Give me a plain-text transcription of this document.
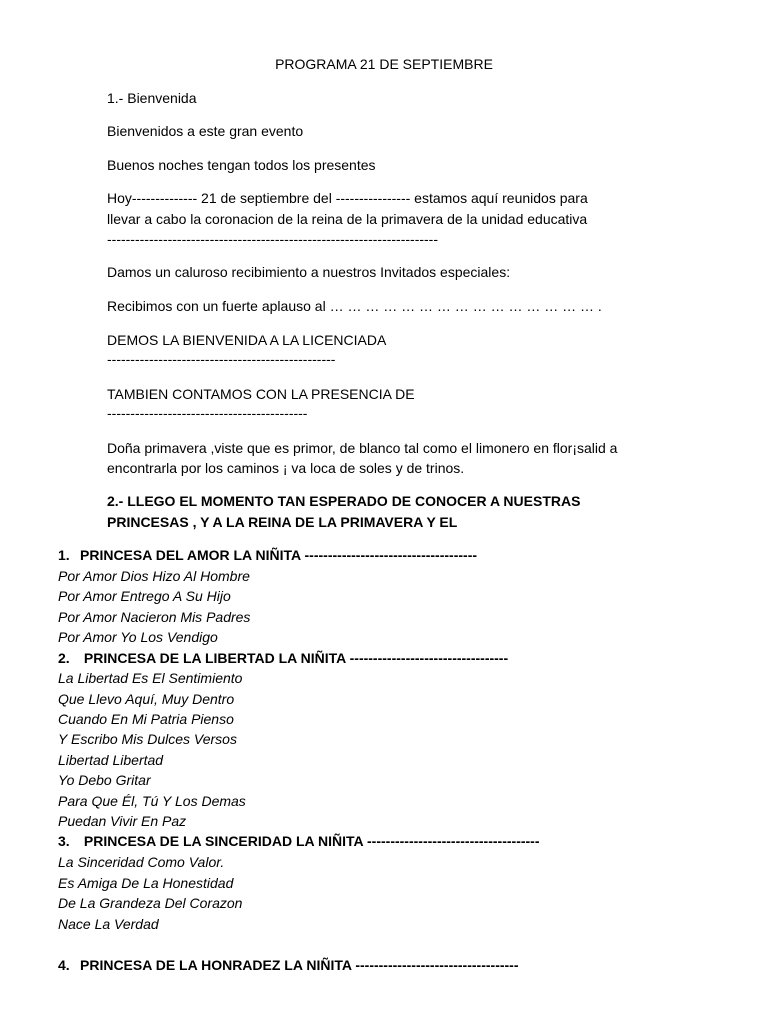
PROGRAMA 21 DE SEPTIEMBRE
1.- Bienvenida
Bienvenidos a este gran evento
Buenos noches tengan todos los presentes
Hoy-------------- 21 de septiembre del ---------------- estamos aquí reunidos para
llevar a cabo la coronacion de la reina de la primavera de la unidad educativa
-----------------------------------------------------------------------
Damos un caluroso recibimiento a nuestros Invitados especiales:
Recibimos con un fuerte aplauso al … … … … … … … … … … … … … … … .
DEMOS LA BIENVENIDA A LA LICENCIADA
-------------------------------------------------
TAMBIEN CONTAMOS CON LA PRESENCIA DE
-------------------------------------------
Doña primavera ,viste que es primor, de blanco tal como el limonero en flor¡salid a
encontrarla por los caminos ¡ va loca de soles y de trinos.
2.- LLEGO EL MOMENTO TAN ESPERADO DE CONOCER A NUESTRAS
PRINCESAS , Y A LA REINA DE LA PRIMAVERA Y EL
1. PRINCESA DEL AMOR LA NIÑITA -------------------------------------
Por Amor Dios Hizo Al Hombre
Por Amor Entrego A Su Hijo
Por Amor Nacieron Mis Padres
Por Amor Yo Los Vendigo
2. PRINCESA DE LA LIBERTAD LA NIÑITA ----------------------------------
La Libertad Es El Sentimiento
Que Llevo Aquí, Muy Dentro
Cuando En Mi Patria Pienso
Y Escribo Mis Dulces Versos
Libertad Libertad
Yo Debo Gritar
Para Que Él, Tú Y Los Demas
Puedan Vivir En Paz
3. PRINCESA DE LA SINCERIDAD LA NIÑITA -------------------------------------
La Sinceridad Como Valor.
Es Amiga De La Honestidad
De La Grandeza Del Corazon
Nace La Verdad
4. PRINCESA DE LA HONRADEZ LA NIÑITA -----------------------------------
